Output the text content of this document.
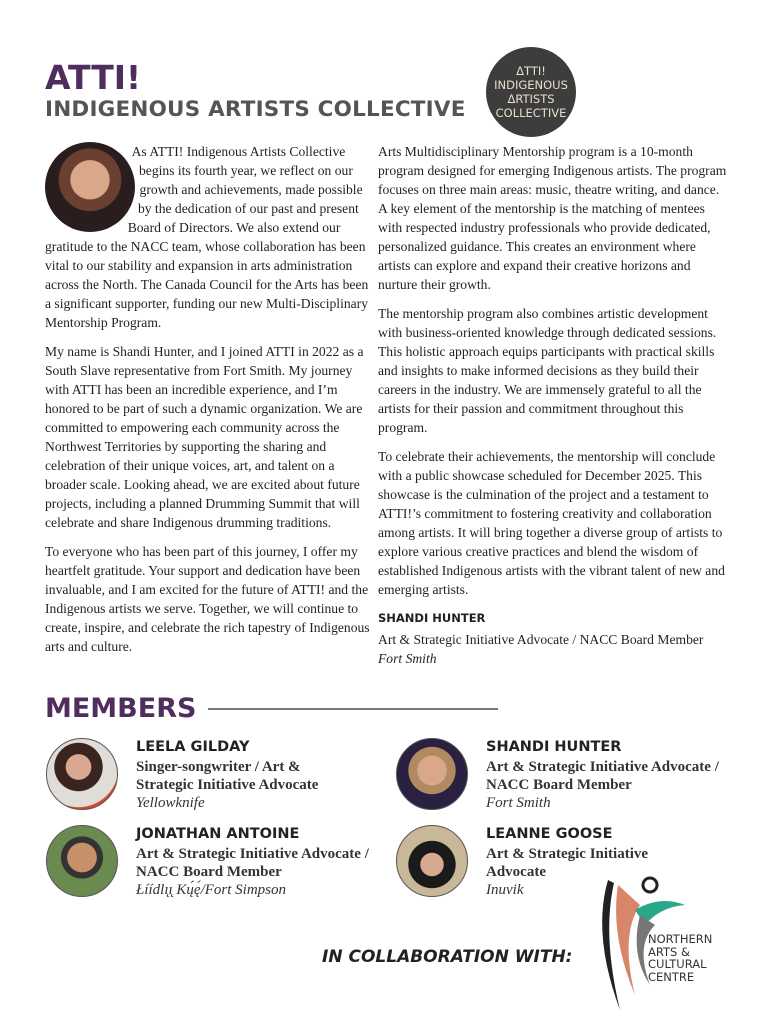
ATTI!
INDIGENOUS ARTISTS COLLECTIVE
ΔTTI!
INDIGENOUS
ΔRTISTS
COLLECTIVE

As ATTI! Indigenous Artists Collective begins its fourth year, we reflect on our growth and achievements, made possible by the dedication of our past and present Board of Directors. We also extend our gratitude to the NACC team, whose collaboration has been vital to our stability and expansion in arts administration across the North. The Canada Council for the Arts has been a significant supporter, funding our new Multi-Disciplinary Mentorship Program.

My name is Shandi Hunter, and I joined ATTI in 2022 as a South Slave representative from Fort Smith. My journey with ATTI has been an incredible experience, and I’m honored to be part of such a dynamic organization. We are committed to empowering each community across the Northwest Territories by supporting the sharing and celebration of their unique voices, art, and talent on a broader scale. Looking ahead, we are excited about future projects, including a planned Drumming Summit that will celebrate and share Indigenous drumming traditions.

To everyone who has been part of this journey, I offer my heartfelt gratitude. Your support and dedication have been invaluable, and I am excited for the future of ATTI! and the Indigenous artists we serve. Together, we will continue to create, inspire, and celebrate the rich tapestry of Indigenous arts and culture.

Arts Multidisciplinary Mentorship program is a 10-month program designed for emerging Indigenous artists. The program focuses on three main areas: music, theatre writing, and dance. A key element of the mentorship is the matching of mentees with respected industry professionals who provide dedicated, personalized guidance. This creates an environment where artists can explore and expand their creative horizons and nurture their growth.

The mentorship program also combines artistic development with business-oriented knowledge through dedicated sessions. This holistic approach equips participants with practical skills and insights to make informed decisions as they build their careers in the industry. We are immensely grateful to all the artists for their passion and commitment throughout this program.

To celebrate their achievements, the mentorship will conclude with a public showcase scheduled for December 2025. This showcase is the culmination of the project and a testament to ATTI!’s commitment to fostering creativity and collaboration among artists. It will bring together a diverse group of artists to explore various creative practices and blend the wisdom of established Indigenous artists with the vibrant talent of new and emerging artists.

SHANDI HUNTER
Art & Strategic Initiative Advocate / NACC Board Member
Fort Smith
MEMBERS
LEELA GILDAY
Singer-songwriter / Art & Strategic Initiative Advocate
Yellowknife
SHANDI HUNTER
Art & Strategic Initiative Advocate / NACC Board Member
Fort Smith
JONATHAN ANTOINE
Art & Strategic Initiative Advocate / NACC Board Member
Łíídlı̨ı̨ Kų́ę́/Fort Simpson
LEANNE GOOSE
Art & Strategic Initiative Advocate
Inuvik
IN COLLABORATION WITH:
NORTHERN
ARTS &
CULTURAL
CENTRE
